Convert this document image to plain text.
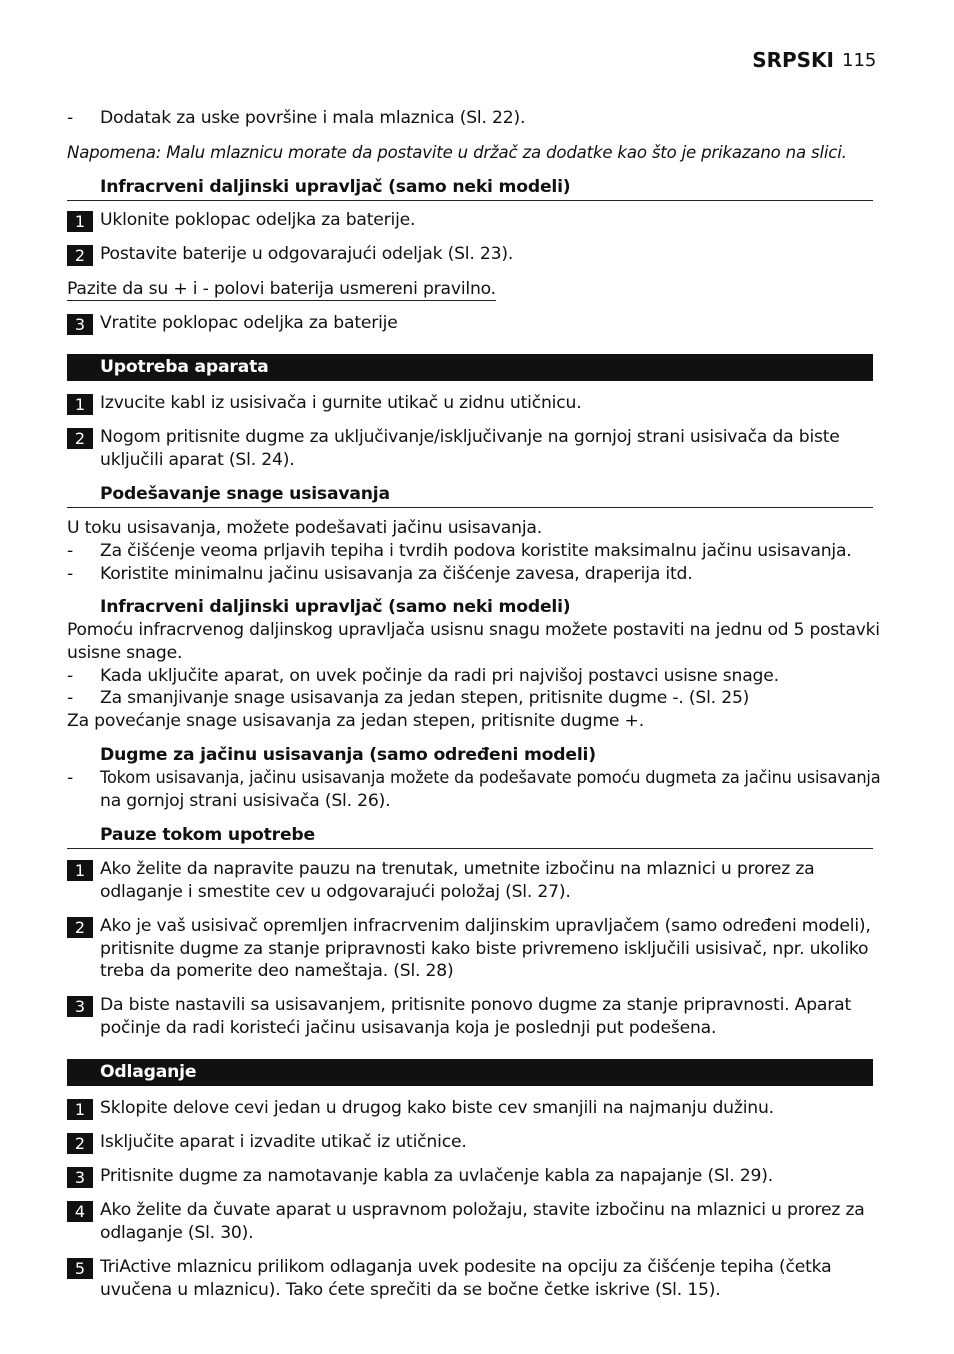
SRPSKI 115
- Dodatak za uske površine i mala mlaznica (Sl. 22).
Napomena: Malu mlaznicu morate da postavite u držač za dodatke kao što je prikazano na slici.
Infracrveni daljinski upravljač (samo neki modeli)
1 Uklonite poklopac odeljka za baterije.
2 Postavite baterije u odgovarajući odeljak (Sl. 23).
Pazite da su + i - polovi baterija usmereni pravilno.
3 Vratite poklopac odeljka za baterije
Upotreba aparata
1 Izvucite kabl iz usisivača i gurnite utikač u zidnu utičnicu.
2 Nogom pritisnite dugme za uključivanje/isključivanje na gornjoj strani usisivača da biste
uključili aparat (Sl. 24).
Podešavanje snage usisavanja
U toku usisavanja, možete podešavati jačinu usisavanja.
- Za čišćenje veoma prljavih tepiha i tvrdih podova koristite maksimalnu jačinu usisavanja.
- Koristite minimalnu jačinu usisavanja za čišćenje zavesa, draperija itd.
Infracrveni daljinski upravljač (samo neki modeli)
Pomoću infracrvenog daljinskog upravljača usisnu snagu možete postaviti na jednu od 5 postavki
usisne snage.
- Kada uključite aparat, on uvek počinje da radi pri najvišoj postavci usisne snage.
- Za smanjivanje snage usisavanja za jedan stepen, pritisnite dugme -. (Sl. 25)
Za povećanje snage usisavanja za jedan stepen, pritisnite dugme +.
Dugme za jačinu usisavanja (samo određeni modeli)
- Tokom usisavanja, jačinu usisavanja možete da podešavate pomoću dugmeta za jačinu usisavanja
na gornjoj strani usisivača (Sl. 26).
Pauze tokom upotrebe
1 Ako želite da napravite pauzu na trenutak, umetnite izbočinu na mlaznici u prorez za
odlaganje i smestite cev u odgovarajući položaj (Sl. 27).
2 Ako je vaš usisivač opremljen infracrvenim daljinskim upravljačem (samo određeni modeli),
pritisnite dugme za stanje pripravnosti kako biste privremeno isključili usisivač, npr. ukoliko
treba da pomerite deo nameštaja. (Sl. 28)
3 Da biste nastavili sa usisavanjem, pritisnite ponovo dugme za stanje pripravnosti. Aparat
počinje da radi koristeći jačinu usisavanja koja je poslednji put podešena.
Odlaganje
1 Sklopite delove cevi jedan u drugog kako biste cev smanjili na najmanju dužinu.
2 Isključite aparat i izvadite utikač iz utičnice.
3 Pritisnite dugme za namotavanje kabla za uvlačenje kabla za napajanje (Sl. 29).
4 Ako želite da čuvate aparat u uspravnom položaju, stavite izbočinu na mlaznici u prorez za
odlaganje (Sl. 30).
5 TriActive mlaznicu prilikom odlaganja uvek podesite na opciju za čišćenje tepiha (četka
uvučena u mlaznicu). Tako ćete sprečiti da se bočne četke iskrive (Sl. 15).
